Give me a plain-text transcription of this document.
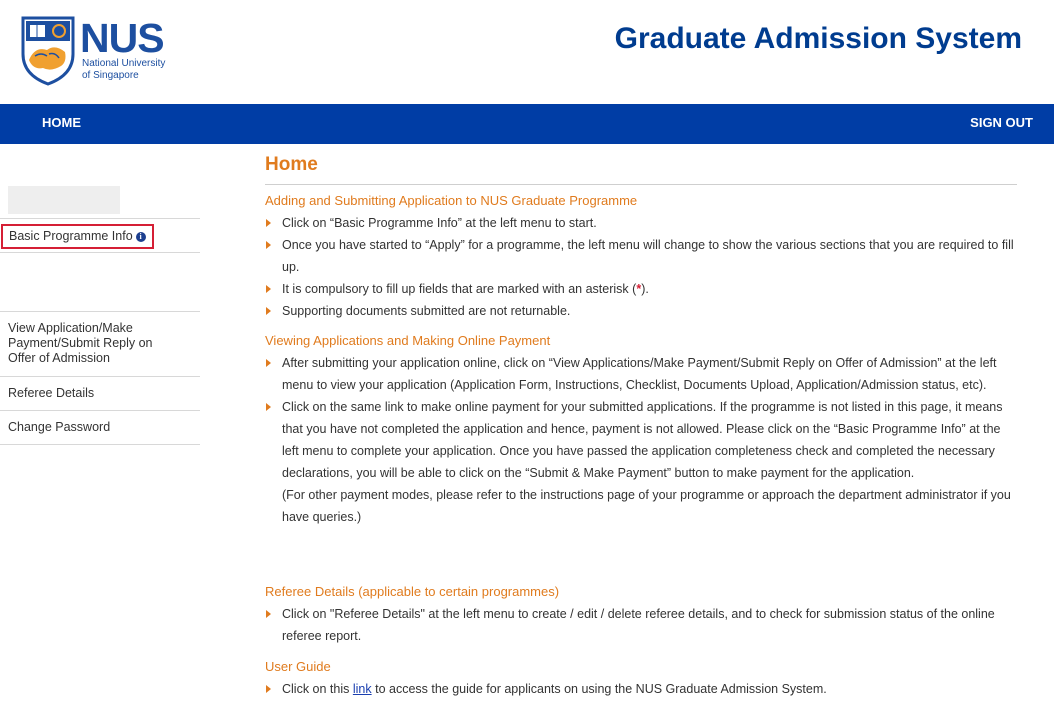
NUS
National University
of Singapore
Graduate Admission System
HOME	SIGN OUT
Basic Programme Info i
View Application/Make
Payment/Submit Reply on
Offer of Admission
Referee Details
Change Password
Home
Adding and Submitting Application to NUS Graduate Programme
Click on “Basic Programme Info” at the left menu to start.
Once you have started to “Apply” for a programme, the left menu will change to show the various sections that you are required to fill up.
It is compulsory to fill up fields that are marked with an asterisk (*).
Supporting documents submitted are not returnable.
Viewing Applications and Making Online Payment
After submitting your application online, click on “View Applications/Make Payment/Submit Reply on Offer of Admission” at the left menu to view your application (Application Form, Instructions, Checklist, Documents Upload, Application/Admission status, etc).
Click on the same link to make online payment for your submitted applications. If the programme is not listed in this page, it means that you have not completed the application and hence, payment is not allowed. Please click on the “Basic Programme Info” at the left menu to complete your application. Once you have passed the application completeness check and completed the necessary declarations, you will be able to click on the “Submit & Make Payment” button to make payment for the application.
(For other payment modes, please refer to the instructions page of your programme or approach the department administrator if you have queries.)
Referee Details (applicable to certain programmes)
Click on "Referee Details" at the left menu to create / edit / delete referee details, and to check for submission status of the online referee report.
User Guide
Click on this link to access the guide for applicants on using the NUS Graduate Admission System.
